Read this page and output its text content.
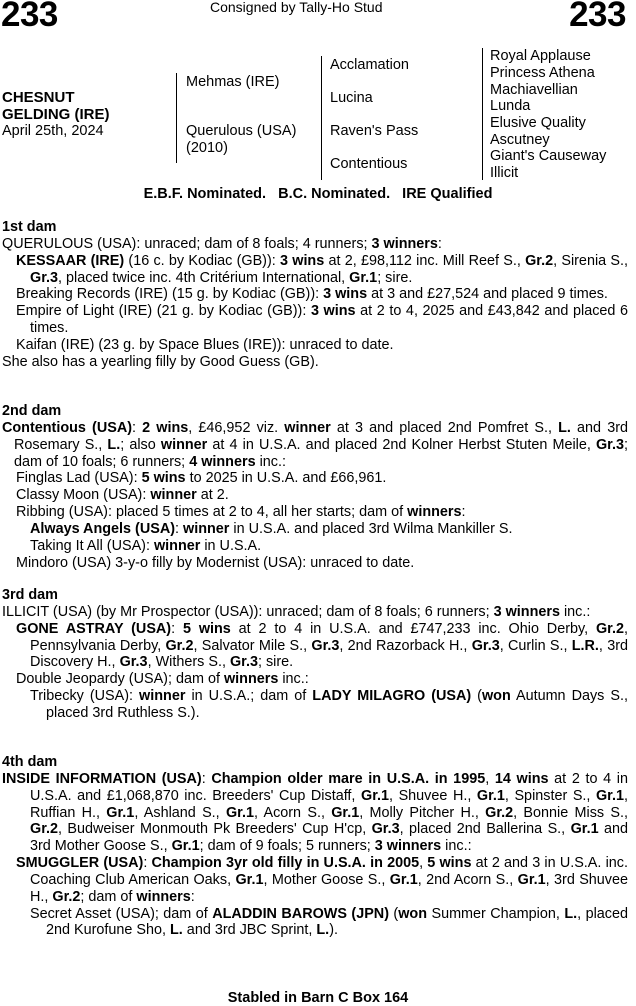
233	Consigned by Tally-Ho Stud	233
CHESNUT
GELDING (IRE)
April 25th, 2024
Mehmas (IRE)
Querulous (USA)
(2010)
Acclamation
Lucina
Raven's Pass
Contentious
Royal Applause
Princess Athena
Machiavellian
Lunda
Elusive Quality
Ascutney
Giant's Causeway
Illicit
E.B.F. Nominated.   B.C. Nominated.   IRE Qualified
1st dam

QUERULOUS (USA): unraced; dam of 8 foals; 4 runners; 3 winners:

KESSAAR (IRE) (16 c. by Kodiac (GB)): 3 wins at 2, £98,112 inc. Mill Reef S., Gr.2, Sirenia S., Gr.3, placed twice inc. 4th Critérium International, Gr.1; sire.

Breaking Records (IRE) (15 g. by Kodiac (GB)): 3 wins at 3 and £27,524 and placed 9 times.

Empire of Light (IRE) (21 g. by Kodiac (GB)): 3 wins at 2 to 4, 2025 and £43,842 and placed 6 times.

Kaifan (IRE) (23 g. by Space Blues (IRE)): unraced to date.

She also has a yearling filly by Good Guess (GB).

2nd dam

Contentious (USA): 2 wins, £46,952 viz. winner at 3 and placed 2nd Pomfret S., L. and 3rd Rosemary S., L.; also winner at 4 in U.S.A. and placed 2nd Kolner Herbst Stuten Meile, Gr.3; dam of 10 foals; 6 runners; 4 winners inc.:

Finglas Lad (USA): 5 wins to 2025 in U.S.A. and £66,961.

Classy Moon (USA): winner at 2.

Ribbing (USA): placed 5 times at 2 to 4, all her starts; dam of winners:

Always Angels (USA): winner in U.S.A. and placed 3rd Wilma Mankiller S.

Taking It All (USA): winner in U.S.A.

Mindoro (USA) 3-y-o filly by Modernist (USA): unraced to date.

3rd dam

ILLICIT (USA) (by Mr Prospector (USA)): unraced; dam of 8 foals; 6 runners; 3 winners inc.:

GONE ASTRAY (USA): 5 wins at 2 to 4 in U.S.A. and £747,233 inc. Ohio Derby, Gr.2, Pennsylvania Derby, Gr.2, Salvator Mile S., Gr.3, 2nd Razorback H., Gr.3, Curlin S., L.R., 3rd Discovery H., Gr.3, Withers S., Gr.3; sire.

Double Jeopardy (USA); dam of winners inc.:

Tribecky (USA): winner in U.S.A.; dam of LADY MILAGRO (USA) (won Autumn Days S., placed 3rd Ruthless S.).

4th dam

INSIDE INFORMATION (USA): Champion older mare in U.S.A. in 1995, 14 wins at 2 to 4 in U.S.A. and £1,068,870 inc. Breeders' Cup Distaff, Gr.1, Shuvee H., Gr.1, Spinster S., Gr.1, Ruffian H., Gr.1, Ashland S., Gr.1, Acorn S., Gr.1, Molly Pitcher H., Gr.2, Bonnie Miss S., Gr.2, Budweiser Monmouth Pk Breeders' Cup H'cp, Gr.3, placed 2nd Ballerina S., Gr.1 and 3rd Mother Goose S., Gr.1; dam of 9 foals; 5 runners; 3 winners inc.:

SMUGGLER (USA): Champion 3yr old filly in U.S.A. in 2005, 5 wins at 2 and 3 in U.S.A. inc. Coaching Club American Oaks, Gr.1, Mother Goose S., Gr.1, 2nd Acorn S., Gr.1, 3rd Shuvee H., Gr.2; dam of winners:

Secret Asset (USA); dam of ALADDIN BAROWS (JPN) (won Summer Champion, L., placed 2nd Kurofune Sho, L. and 3rd JBC Sprint, L.).

Stabled in Barn C Box 164
